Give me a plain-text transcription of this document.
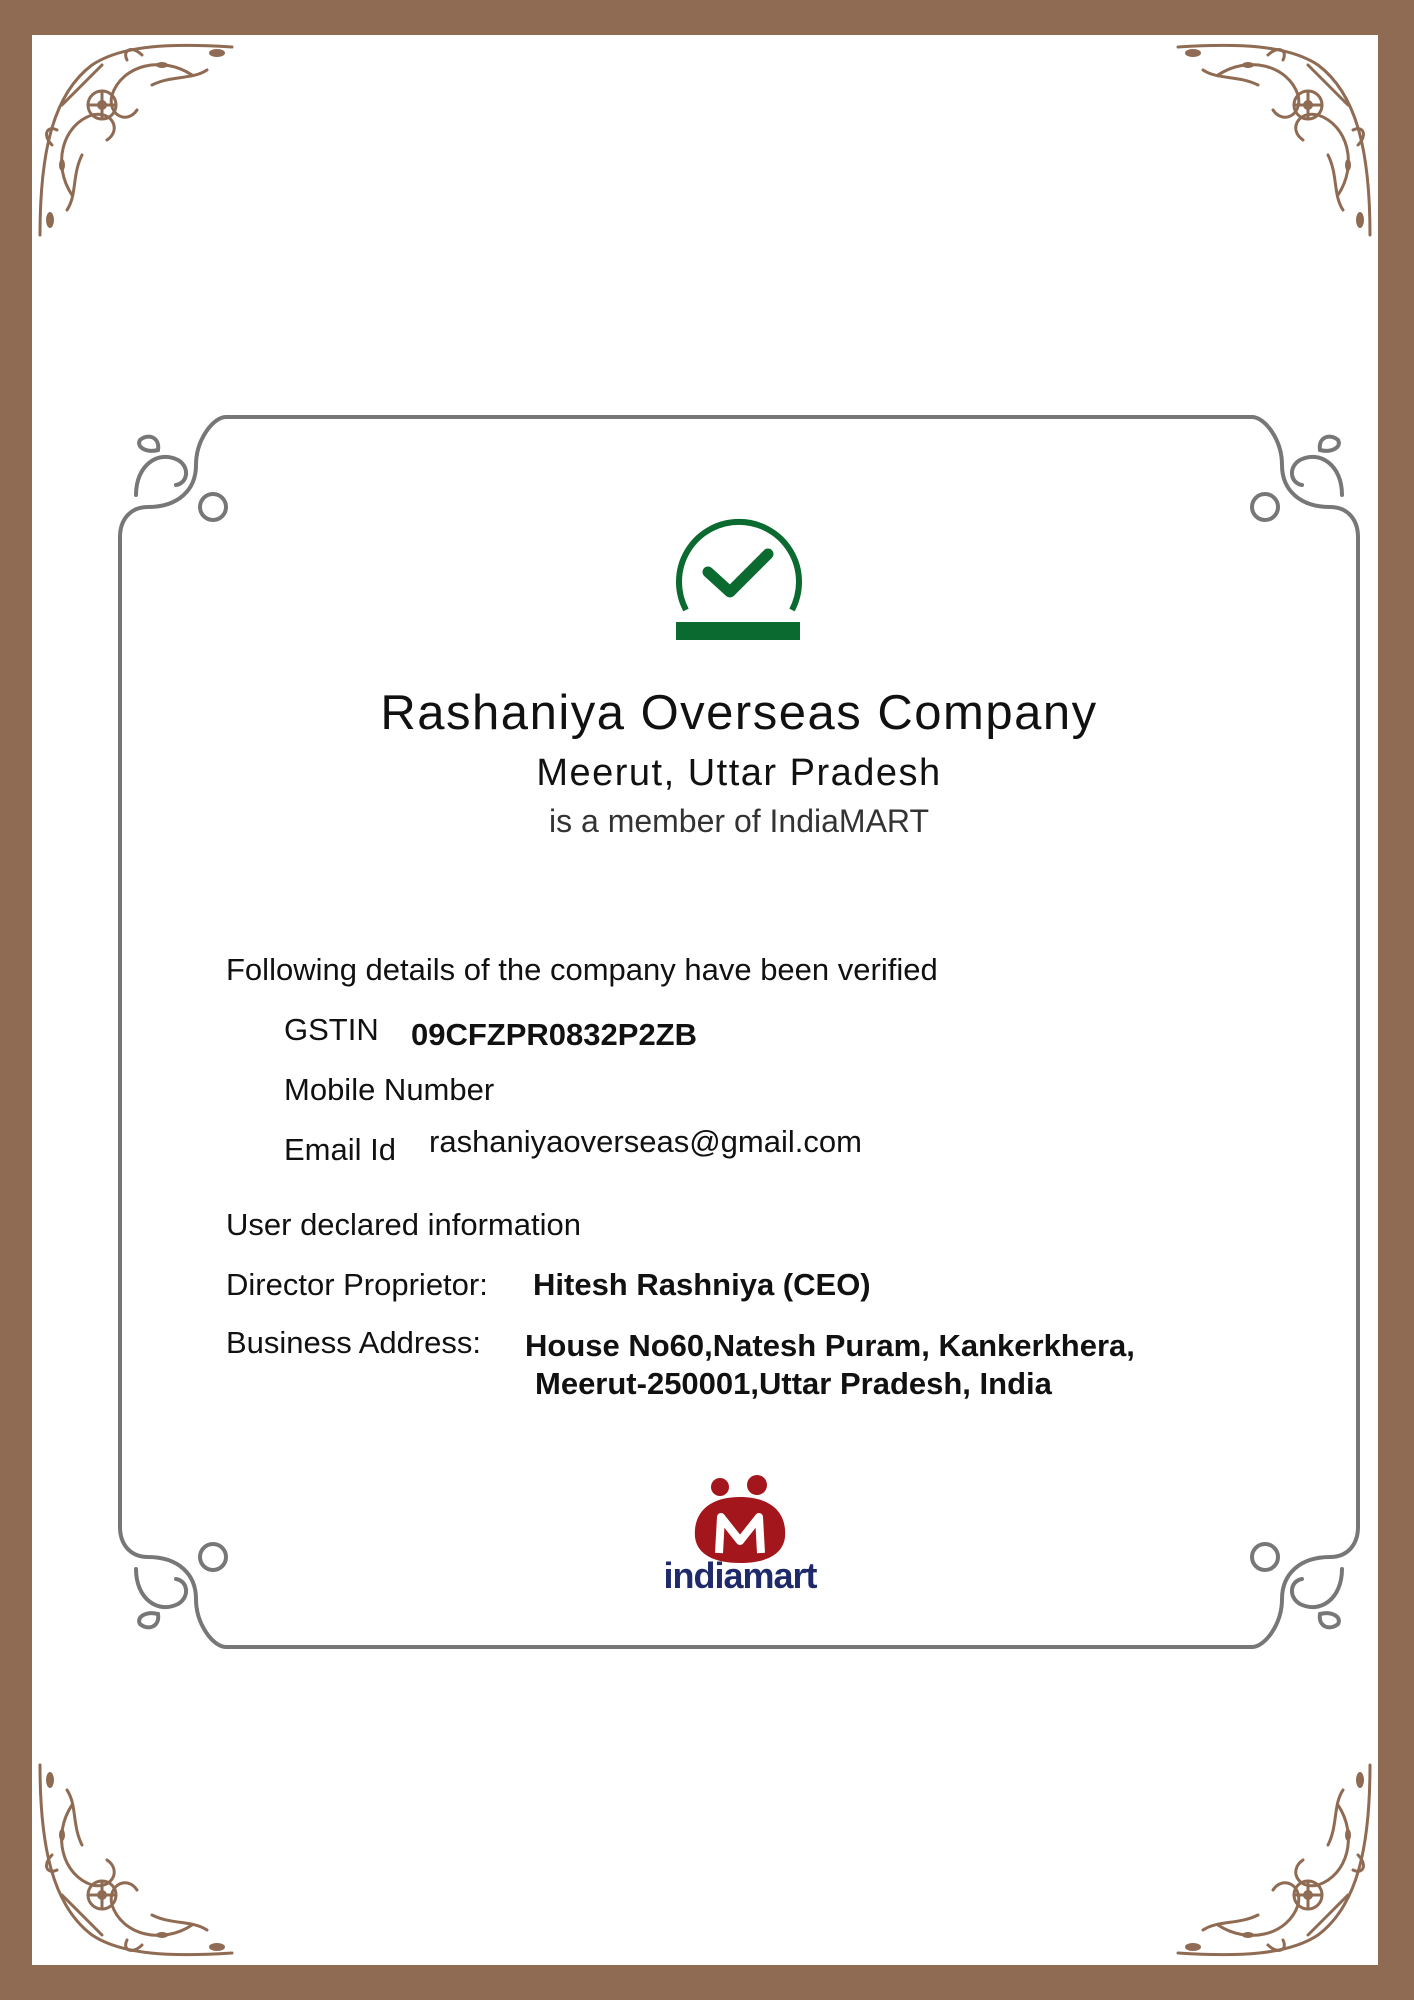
Rashaniya Overseas Company
Meerut, Uttar Pradesh
is a member of IndiaMART
Following details of the company have been verified
GSTIN 09CFZPR0832P2ZB
Mobile Number
Email Id rashaniyaoverseas@gmail.com
User declared information
Director Proprietor: Hitesh Rashniya (CEO)
Business Address: House No60,Natesh Puram, Kankerkhera,
Meerut-250001,Uttar Pradesh, India
indiamart
